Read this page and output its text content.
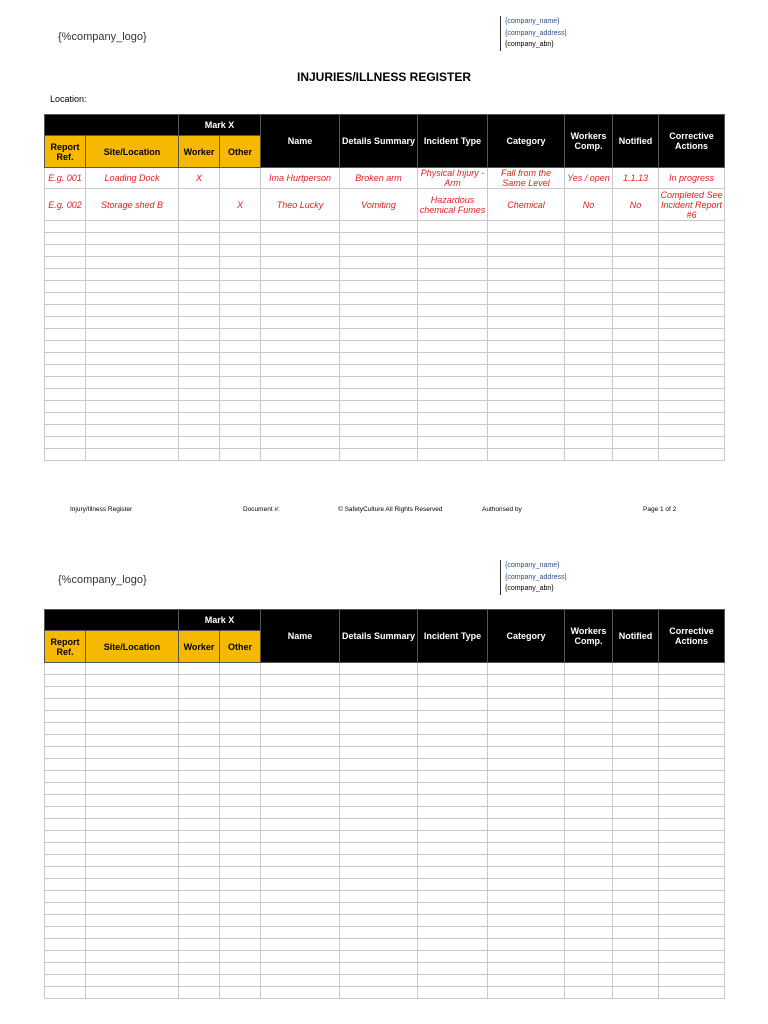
{%company_logo}
{company_name}
{company_address}
{company_abn}
INJURIES/ILLNESS REGISTER
Location:
		Mark X		Name	Details Summary	Incident Type	Category	Workers Comp.	Notified	Corrective Actions
Report Ref.	Site/Location	Worker	Other							
E.g. 001	Loading Dock	X		Ima Hurtperson	Broken arm	Physical Injury - Arm	Fall from the Same Level	Yes / open	1.1.13	In progress
E.g. 002	Storage shed B		X	Theo Lucky	Vomiting	Hazardous chemical Fumes	Chemical	No	No	Completed See Incident Report #6

Injury/Illness Register	Document #:	© SafetyCulture All Rights Reserved	Authorised by	Page 1 of 2
{%company_logo}
{company_name}
{company_address}
{company_abn}
		Mark X		Name	Details Summary	Incident Type	Category	Workers Comp.	Notified	Corrective Actions
Report Ref.	Site/Location	Worker	Other							
